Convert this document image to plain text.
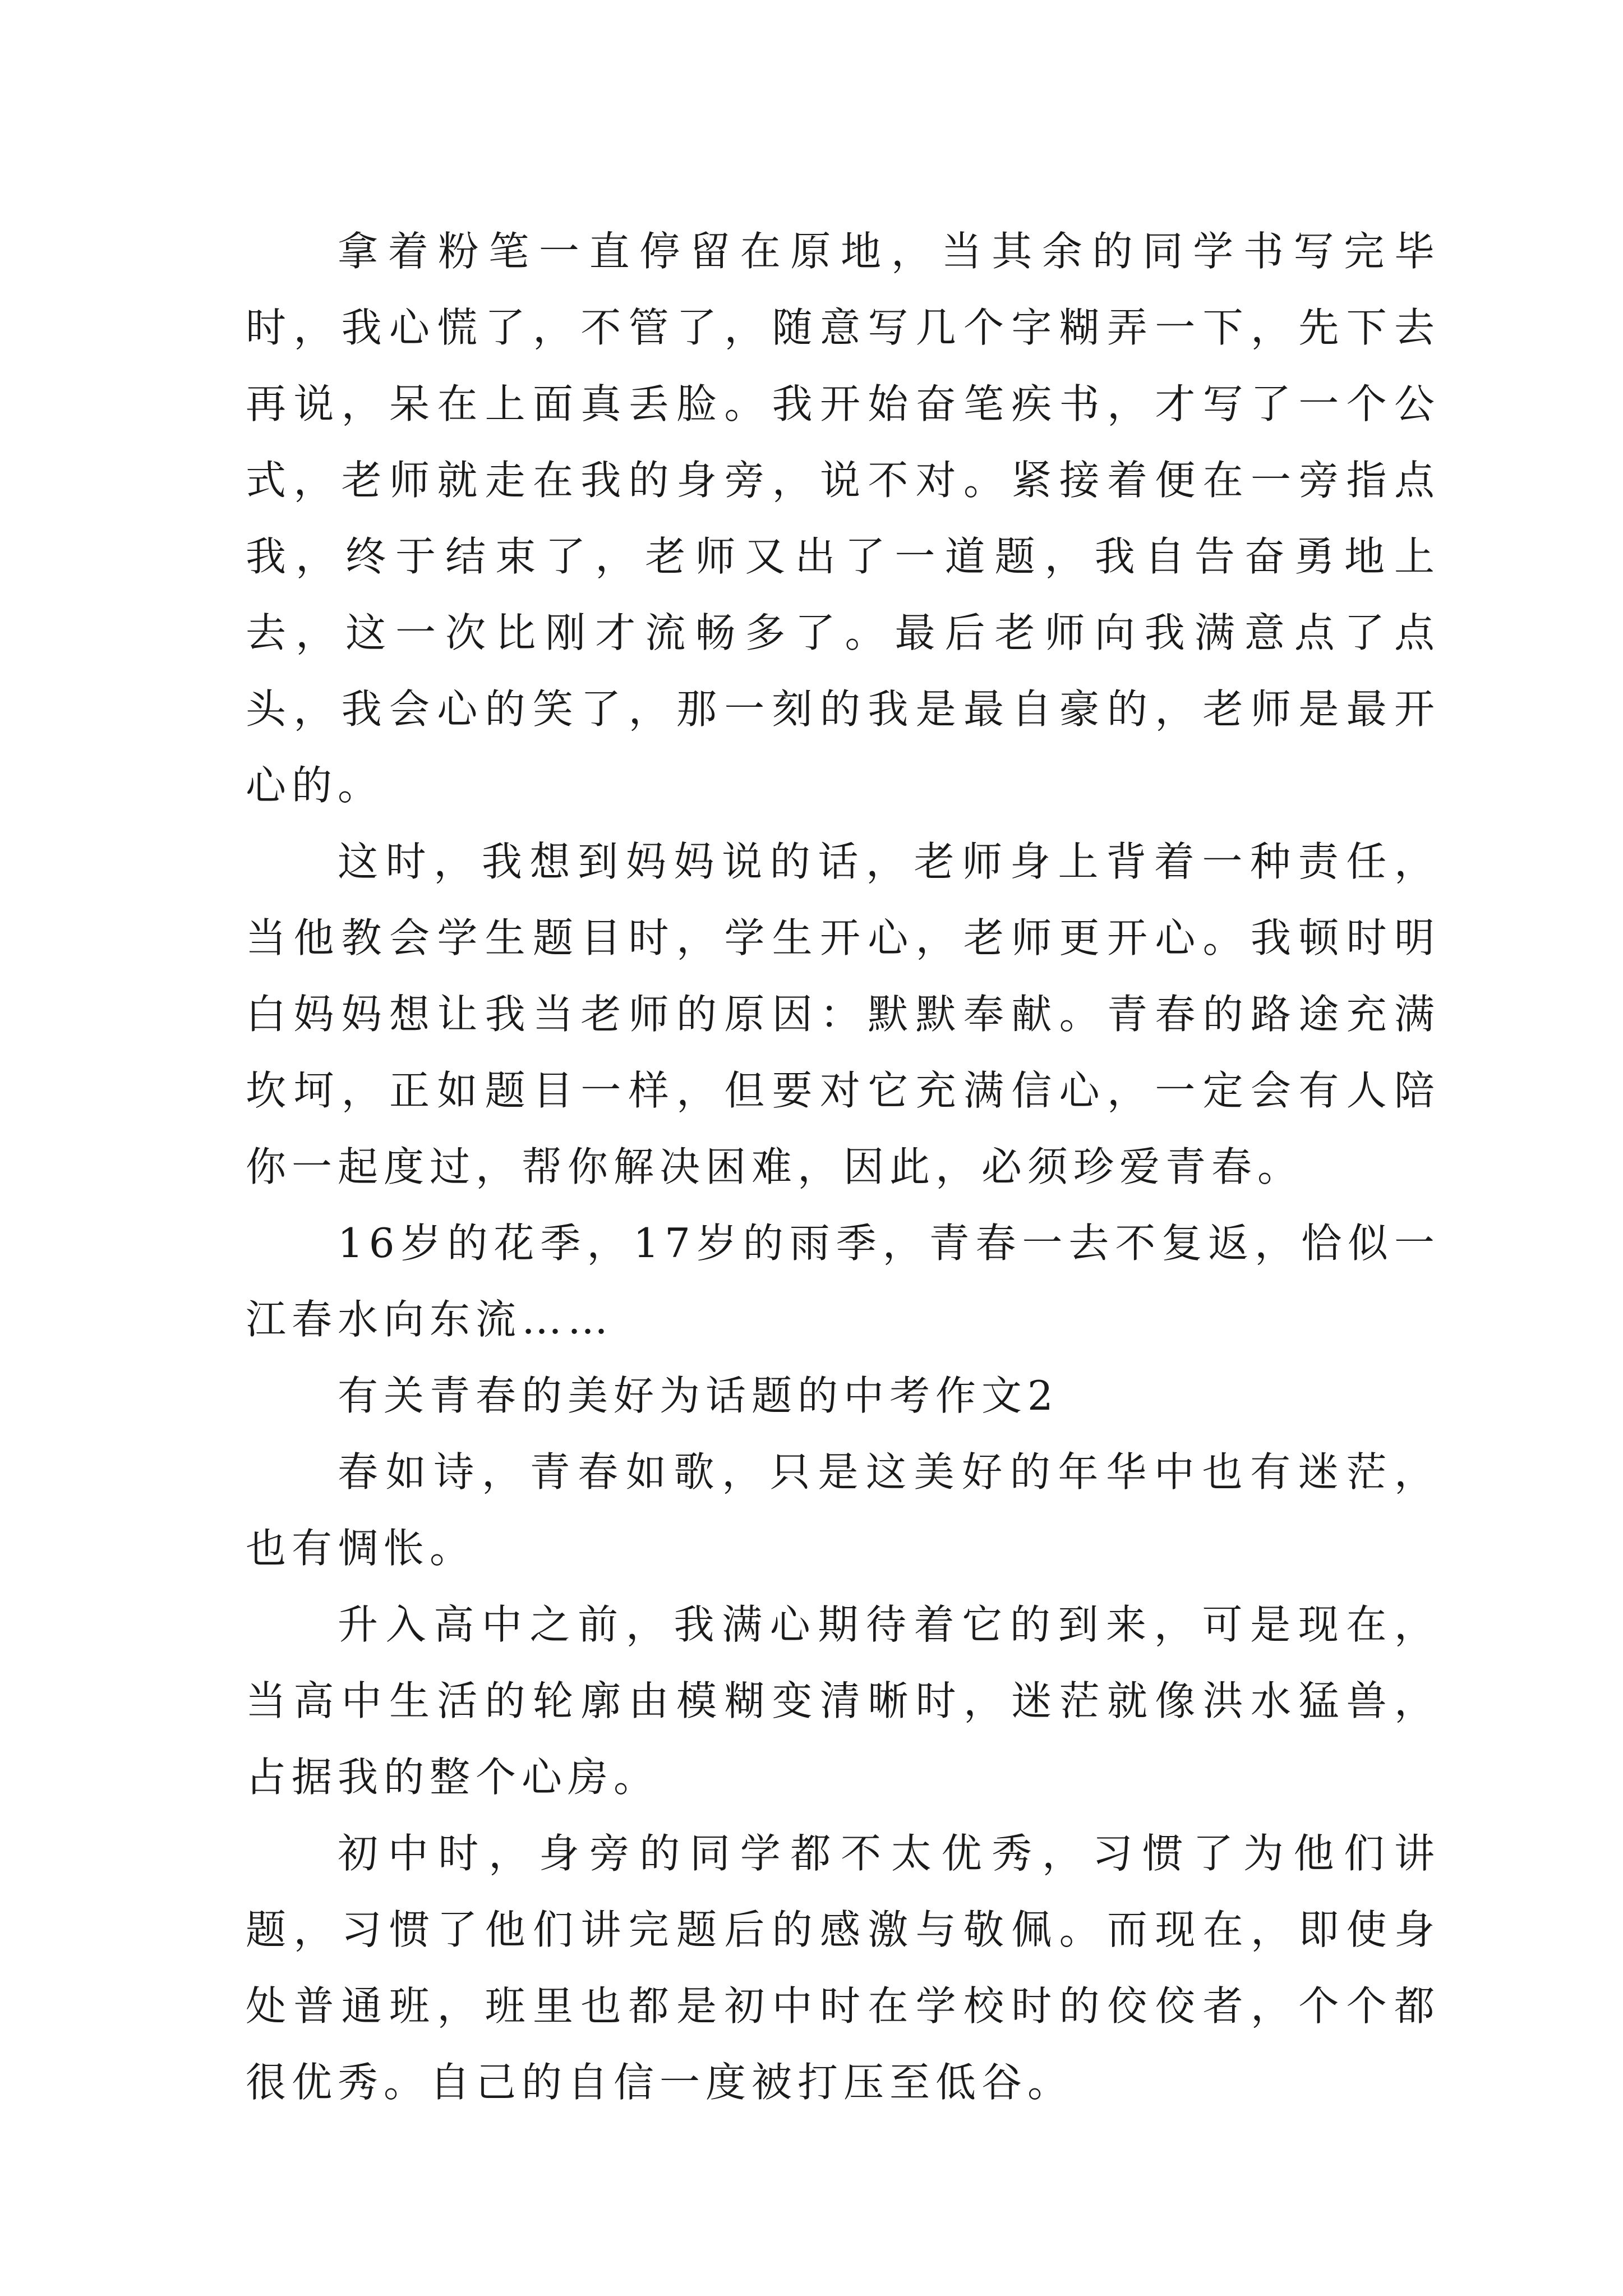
拿着粉笔一直停留在原地，当其余的同学书写完毕时，我心慌了，不管了，随意写几个字糊弄一下，先下去再说，呆在上面真丢脸。我开始奋笔疾书，才写了一个公式，老师就走在我的身旁，说不对。紧接着便在一旁指点我，终于结束了，老师又出了一道题，我自告奋勇地上去，这一次比刚才流畅多了。最后老师向我满意点了点头，我会心的笑了，那一刻的我是最自豪的，老师是最开心的。

这时，我想到妈妈说的话，老师身上背着一种责任，当他教会学生题目时，学生开心，老师更开心。我顿时明白妈妈想让我当老师的原因：默默奉献。青春的路途充满坎坷，正如题目一样，但要对它充满信心，一定会有人陪你一起度过，帮你解决困难，因此，必须珍爱青春。

16岁的花季，17岁的雨季，青春一去不复返，恰似一江春水向东流……

有关青春的美好为话题的中考作文2

春如诗，青春如歌，只是这美好的年华中也有迷茫，也有惆怅。

升入高中之前，我满心期待着它的到来，可是现在，当高中生活的轮廓由模糊变清晰时，迷茫就像洪水猛兽，占据我的整个心房。

初中时，身旁的同学都不太优秀，习惯了为他们讲题，习惯了他们讲完题后的感激与敬佩。而现在，即使身处普通班，班里也都是初中时在学校时的佼佼者，个个都很优秀。自己的自信一度被打压至低谷。
